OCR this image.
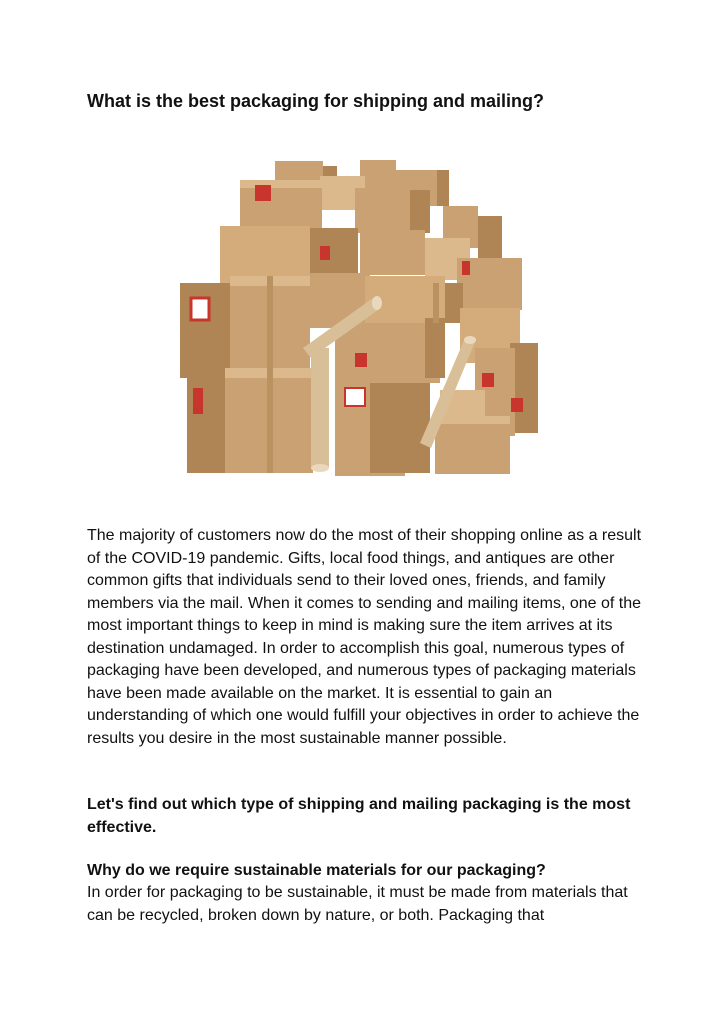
What is the best packaging for shipping and mailing?

The majority of customers now do the most of their shopping online as a result of the COVID-19 pandemic. Gifts, local food things, and antiques are other common gifts that individuals send to their loved ones, friends, and family members via the mail. When it comes to sending and mailing items, one of the most important things to keep in mind is making sure the item arrives at its destination undamaged. In order to accomplish this goal, numerous types of packaging have been developed, and numerous types of packaging materials have been made available on the market. It is essential to gain an understanding of which one would fulfill your objectives in order to achieve the results you desire in the most sustainable manner possible.

Let's find out which type of shipping and mailing packaging is the most effective.

Why do we require sustainable materials for our packaging?

In order for packaging to be sustainable, it must be made from materials that can be recycled, broken down by nature, or both. Packaging that
